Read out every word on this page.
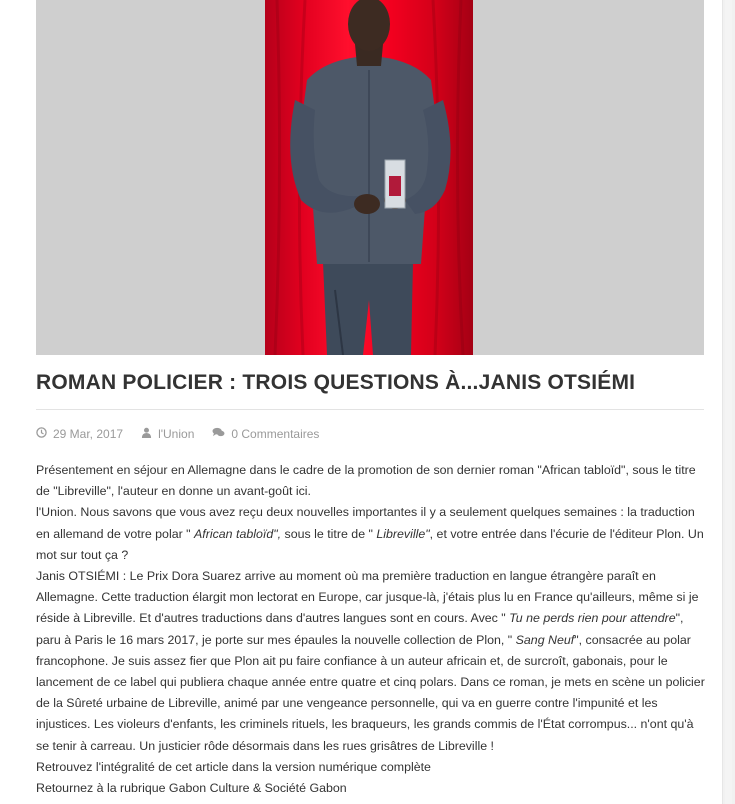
ROMAN POLICIER : TROIS QUESTIONS À...JANIS OTSIÉMI
29 Mar, 2017	l'Union	0 Commentaires

Présentement en séjour en Allemagne dans le cadre de la promotion de son dernier roman "African tabloïd", sous le titre de "Libreville", l'auteur en donne un avant-goût ici.

l'Union. Nous savons que vous avez reçu deux nouvelles importantes il y a seulement quelques semaines : la traduction en allemand de votre polar " African tabloïd", sous le titre de " Libreville", et votre entrée dans l'écurie de l'éditeur Plon. Un mot sur tout ça ?

Janis OTSIÉMI : Le Prix Dora Suarez arrive au moment où ma première traduction en langue étrangère paraît en Allemagne. Cette traduction élargit mon lectorat en Europe, car jusque-là, j'étais plus lu en France qu'ailleurs, même si je réside à Libreville. Et d'autres traductions dans d'autres langues sont en cours. Avec " Tu ne perds rien pour attendre", paru à Paris le 16 mars 2017, je porte sur mes épaules la nouvelle collection de Plon, " Sang Neuf", consacrée au polar francophone. Je suis assez fier que Plon ait pu faire confiance à un auteur africain et, de surcroît, gabonais, pour le lancement de ce label qui publiera chaque année entre quatre et cinq polars. Dans ce roman, je mets en scène un policier de la Sûreté urbaine de Libreville, animé par une vengeance personnelle, qui va en guerre contre l'impunité et les injustices. Les violeurs d'enfants, les criminels rituels, les braqueurs, les grands commis de l'État corrompus... n'ont qu'à se tenir à carreau. Un justicier rôde désormais dans les rues grisâtres de Libreville !

Retrouvez l'intégralité de cet article dans la version numérique complète

Retournez à la rubrique Gabon Culture & Société Gabon
